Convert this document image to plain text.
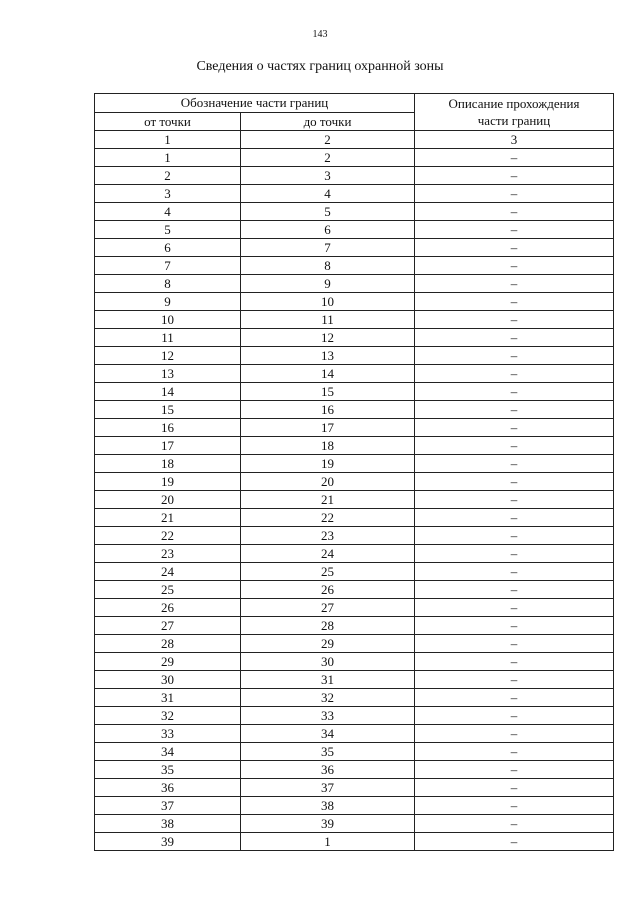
143
Сведения о частях границ охранной зоны
Обозначение части границ		Описание прохождения
части границ
от точки	до точки	
1	2	3
1	2	–
2	3	–
3	4	–
4	5	–
5	6	–
6	7	–
7	8	–
8	9	–
9	10	–
10	11	–
11	12	–
12	13	–
13	14	–
14	15	–
15	16	–
16	17	–
17	18	–
18	19	–
19	20	–
20	21	–
21	22	–
22	23	–
23	24	–
24	25	–
25	26	–
26	27	–
27	28	–
28	29	–
29	30	–
30	31	–
31	32	–
32	33	–
33	34	–
34	35	–
35	36	–
36	37	–
37	38	–
38	39	–
39	1	–
